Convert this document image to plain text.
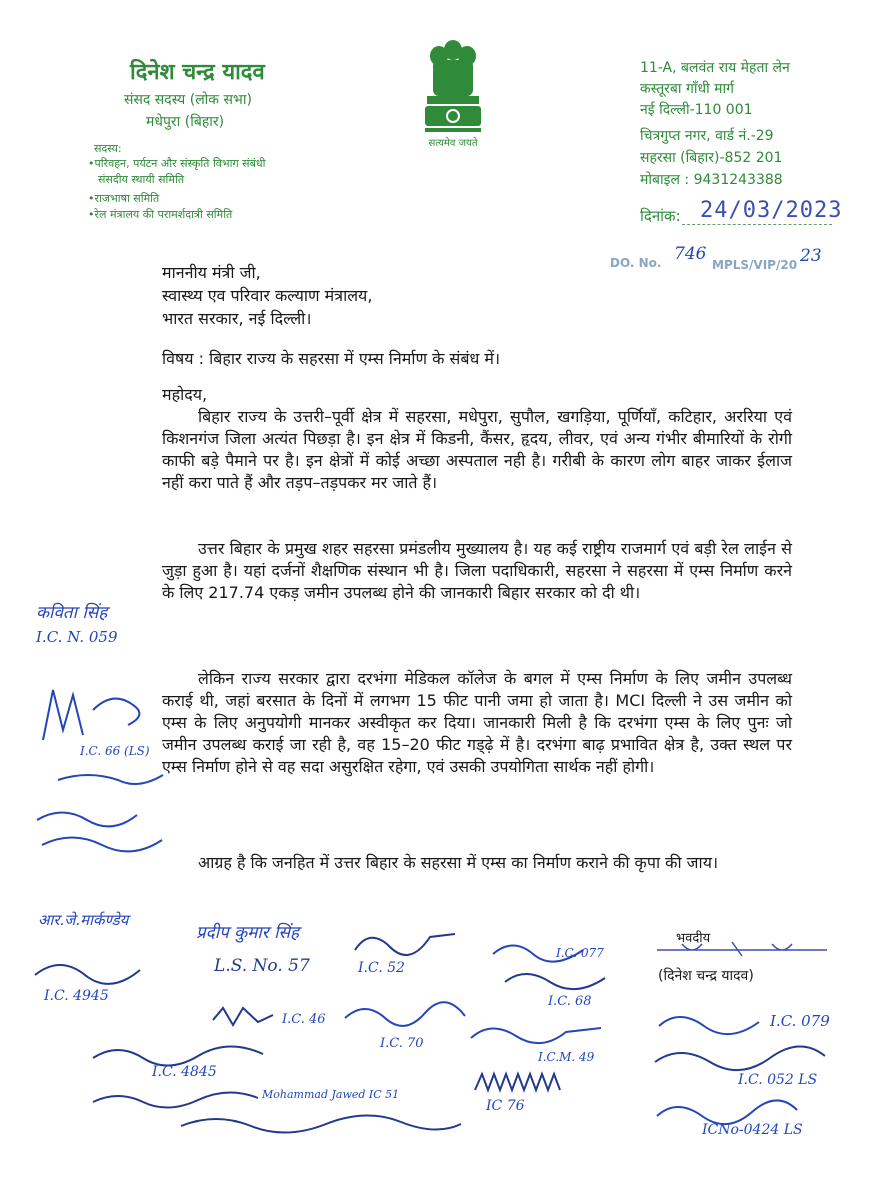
दिनेश चन्द्र यादव
संसद सदस्य (लोक सभा)
मधेपुरा (बिहार)
सदस्य:
•परिवहन, पर्यटन और संस्कृति विभाग संबंधी
संसदीय स्थायी समिति
•राजभाषा समिति
•रेल मंत्रालय की परामर्शदात्री समिति
सत्यमेव जयते
11-A, बलवंत राय मेहता लेन
कस्तूरबा गाँधी मार्ग
नई दिल्ली-110 001
चित्रगुप्त नगर, वार्ड नं.-29
सहरसा (बिहार)-852 201
मोबाइल : 9431243388
दिनांक: 24/03/2023
DO. No. 746
MPLS/VIP/20 23
माननीय मंत्री जी,
स्वास्थ्य एव परिवार कल्याण मंत्रालय,
भारत सरकार, नई दिल्ली।
विषय : बिहार राज्य के सहरसा में एम्स निर्माण के संबंध में।
महोदय,
बिहार राज्य के उत्तरी–पूर्वी क्षेत्र में सहरसा, मधेपुरा, सुपौल, खगड़िया, पूर्णियाँ, कटिहार, अररिया एवं किशनगंज जिला अत्यंत पिछड़ा है। इन क्षेत्र में किडनी, कैंसर, हृदय, लीवर, एवं अन्य गंभीर बीमारियों के रोगी काफी बड़े पैमाने पर है। इन क्षेत्रों में कोई अच्छा अस्पताल नही है। गरीबी के कारण लोग बाहर जाकर ईलाज नहीं करा पाते हैं और तड़प–तड़पकर मर जाते हैं।
उत्तर बिहार के प्रमुख शहर सहरसा प्रमंडलीय मुख्यालय है। यह कई राष्ट्रीय राजमार्ग एवं बड़ी रेल लाईन से जुड़ा हुआ है। यहां दर्जनों शैक्षणिक संस्थान भी है। जिला पदाधिकारी, सहरसा ने सहरसा में एम्स निर्माण करने के लिए 217.74 एकड़ जमीन उपलब्ध होने की जानकारी बिहार सरकार को दी थी।
लेकिन राज्य सरकार द्वारा दरभंगा मेडिकल कॉलेज के बगल में एम्स निर्माण के लिए जमीन उपलब्ध कराई थी, जहां बरसात के दिनों में लगभग 15 फीट पानी जमा हो जाता है। MCI दिल्ली ने उस जमीन को एम्स के लिए अनुपयोगी मानकर अस्वीकृत कर दिया। जानकारी मिली है कि दरभंगा एम्स के लिए पुनः जो जमीन उपलब्ध कराई जा रही है, वह 15–20 फीट गड्ढ़े में है। दरभंगा बाढ़ प्रभावित क्षेत्र है, उक्त स्थल पर एम्स निर्माण होने से वह सदा असुरक्षित रहेगा, एवं उसकी उपयोगिता सार्थक नहीं होगी।
आग्रह है कि जनहित में उत्तर बिहार के सहरसा में एम्स का निर्माण कराने की कृपा की जाय।
भवदीय
(दिनेश चन्द्र यादव)
कविता सिंह
I.C. N. 059
I.C. 66 (LS)
आर.जे.मार्कण्डेय
I.C. 4945
प्रदीप कुमार सिंह
L.S. No. 57	I.C. 52
I.C. 46
I.C. 70
I.C. 077
I.C. 68
I.C.M. 49
I.C. 4845
Mohammad Jawed IC 51
IC 76
I.C. 079
I.C. 052 LS
ICNo-0424 LS
